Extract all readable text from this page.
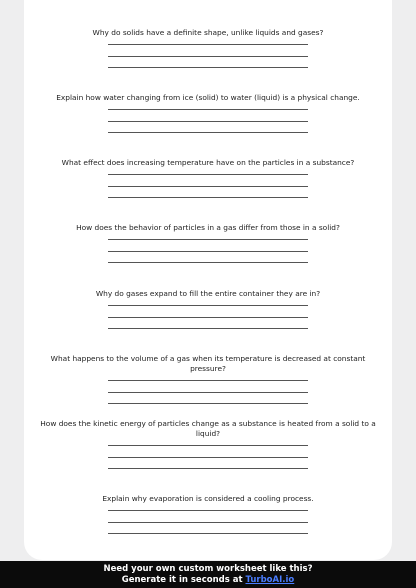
Why do solids have a definite shape, unlike liquids and gases?
Explain how water changing from ice (solid) to water (liquid) is a physical change.
What effect does increasing temperature have on the particles in a substance?
How does the behavior of particles in a gas differ from those in a solid?
Why do gases expand to fill the entire container they are in?
What happens to the volume of a gas when its temperature is decreased at constant pressure?
How does the kinetic energy of particles change as a substance is heated from a solid to a liquid?
Explain why evaporation is considered a cooling process.
Need your own custom worksheet like this?
Generate it in seconds at TurboAI.io
